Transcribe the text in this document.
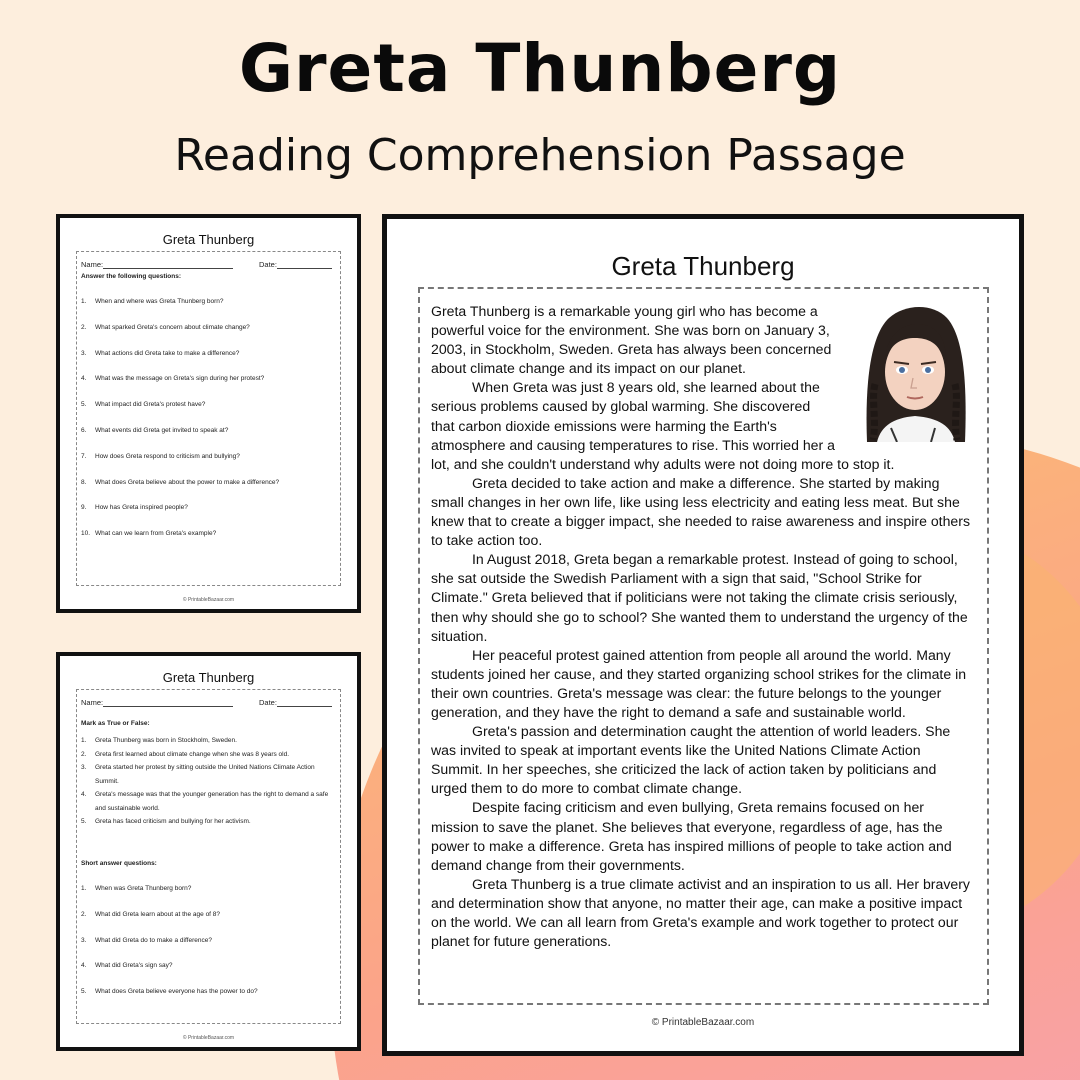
Greta Thunberg
Reading Comprehension Passage
Greta Thunberg
Name:	Date:
Answer the following questions:
1.	When and where was Greta Thunberg born?
2.	What sparked Greta's concern about climate change?
3.	What actions did Greta take to make a difference?
4.	What was the message on Greta's sign during her protest?
5.	What impact did Greta's protest have?
6.	What events did Greta get invited to speak at?
7.	How does Greta respond to criticism and bullying?
8.	What does Greta believe about the power to make a difference?
9.	How has Greta inspired people?
10. What can we learn from Greta's example?
© PrintableBazaar.com
Greta Thunberg
Name:	Date:
Mark as True or False:
1.	Greta Thunberg was born in Stockholm, Sweden.
2.	Greta first learned about climate change when she was 8 years old.
3.	Greta started her protest by sitting outside the United Nations Climate Action Summit.
4.	Greta's message was that the younger generation has the right to demand a safe and sustainable world.
5.	Greta has faced criticism and bullying for her activism.
Short answer questions:
1.	When was Greta Thunberg born?
2.	What did Greta learn about at the age of 8?
3.	What did Greta do to make a difference?
4.	What did Greta's sign say?
5.	What does Greta believe everyone has the power to do?
© PrintableBazaar.com
Greta Thunberg

Greta Thunberg is a remarkable young girl who has become a powerful voice for the environment. She was born on January 3, 2003, in Stockholm, Sweden. Greta has always been concerned about climate change and its impact on our planet.

When Greta was just 8 years old, she learned about the serious problems caused by global warming. She discovered that carbon dioxide emissions were harming the Earth's atmosphere and causing temperatures to rise. This worried her a lot, and she couldn't understand why adults were not doing more to stop it.

Greta decided to take action and make a difference. She started by making small changes in her own life, like using less electricity and eating less meat. But she knew that to create a bigger impact, she needed to raise awareness and inspire others to take action too.

In August 2018, Greta began a remarkable protest. Instead of going to school, she sat outside the Swedish Parliament with a sign that said, "School Strike for Climate." Greta believed that if politicians were not taking the climate crisis seriously, then why should she go to school? She wanted them to understand the urgency of the situation.

Her peaceful protest gained attention from people all around the world. Many students joined her cause, and they started organizing school strikes for the climate in their own countries. Greta's message was clear: the future belongs to the younger generation, and they have the right to demand a safe and sustainable world.

Greta's passion and determination caught the attention of world leaders. She was invited to speak at important events like the United Nations Climate Action Summit. In her speeches, she criticized the lack of action taken by politicians and urged them to do more to combat climate change.

Despite facing criticism and even bullying, Greta remains focused on her mission to save the planet. She believes that everyone, regardless of age, has the power to make a difference. Greta has inspired millions of people to take action and demand change from their governments.

Greta Thunberg is a true climate activist and an inspiration to us all. Her bravery and determination show that anyone, no matter their age, can make a positive impact on the world. We can all learn from Greta's example and work together to protect our planet for future generations.

© PrintableBazaar.com
